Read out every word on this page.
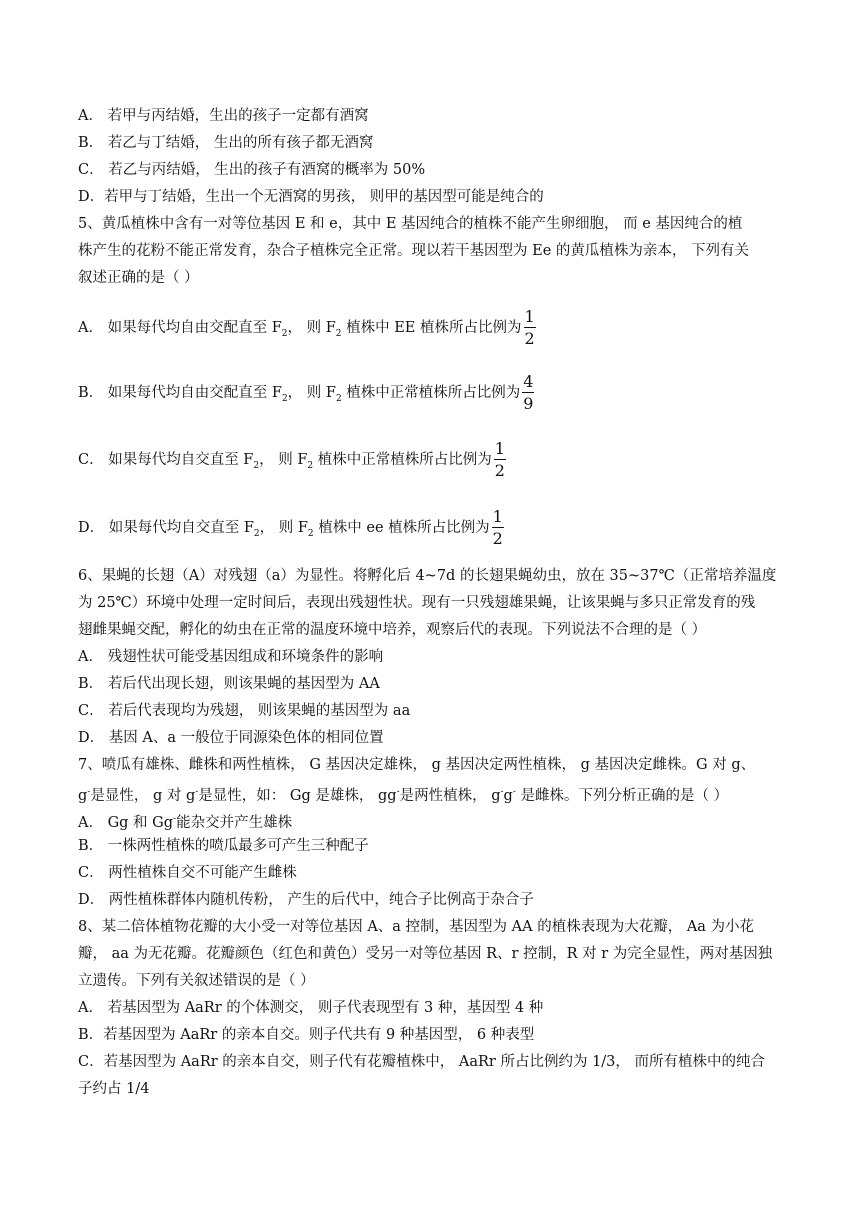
A． 若甲与丙结婚，生出的孩子一定都有酒窝
B． 若乙与丁结婚， 生出的所有孩子都无酒窝
C． 若乙与丙结婚， 生出的孩子有酒窝的概率为 50%
D．若甲与丁结婚，生出一个无酒窝的男孩， 则甲的基因型可能是纯合的
5、黄瓜植株中含有一对等位基因 E 和 e，其中 E 基因纯合的植株不能产生卵细胞， 而 e 基因纯合的植
株产生的花粉不能正常发育，杂合子植株完全正常。现以若干基因型为 Ee 的黄瓜植株为亲本， 下列有关
叙述正确的是（ ）
A． 如果每代均自由交配直至 $F_2$， 则 $F_2$ 植株中 EE 植株所占比例为 $\frac{1}{2}$
B． 如果每代均自由交配直至 $F_2$， 则 $F_2$ 植株中正常植株所占比例为 $\frac{4}{9}$
C． 如果每代均自交直至 $F_2$， 则 $F_2$ 植株中正常植株所占比例为 $\frac{1}{2}$
D． 如果每代均自交直至 $F_2$， 则 $F_2$ 植株中 ee 植株所占比例为 $\frac{1}{2}$
6、果蝇的长翅（A）对残翅（a）为显性。将孵化后 4~7d 的长翅果蝇幼虫，放在 35~37℃（正常培养温度
为 25℃）环境中处理一定时间后，表现出残翅性状。现有一只残翅雄果蝇，让该果蝇与多只正常发育的残
翅雌果蝇交配，孵化的幼虫在正常的温度环境中培养，观察后代的表现。下列说法不合理的是（ ）
A． 残翅性状可能受基因组成和环境条件的影响
B． 若后代出现长翅，则该果蝇的基因型为 AA
C． 若后代表现均为残翅， 则该果蝇的基因型为 aa
D． 基因 A、a 一般位于同源染色体的相同位置
7、喷瓜有雄株、雌株和两性植株， G 基因决定雄株， g 基因决定两性植株， g 基因决定雌株。G 对 g、
g-是显性， g 对 g-是显性，如： Gg 是雄株， gg-是两性植株， g-g- 是雌株。下列分析正确的是（ ）
A． Gg 和 Gg-能杂交并产生雄株
B． 一株两性植株的喷瓜最多可产生三种配子
C． 两性植株自交不可能产生雌株
D． 两性植株群体内随机传粉， 产生的后代中，纯合子比例高于杂合子
8、某二倍体植物花瓣的大小受一对等位基因 A、a 控制，基因型为 AA 的植株表现为大花瓣， Aa 为小花
瓣， aa 为无花瓣。花瓣颜色（红色和黄色）受另一对等位基因 R、r 控制，R 对 r 为完全显性，两对基因独
立遗传。下列有关叙述错误的是（ ）
A． 若基因型为 AaRr 的个体测交， 则子代表现型有 3 种，基因型 4 种
B．若基因型为 AaRr 的亲本自交。则子代共有 9 种基因型， 6 种表型
C．若基因型为 AaRr 的亲本自交，则子代有花瓣植株中， AaRr 所占比例约为 1/3， 而所有植株中的纯合
子约占 1/4
